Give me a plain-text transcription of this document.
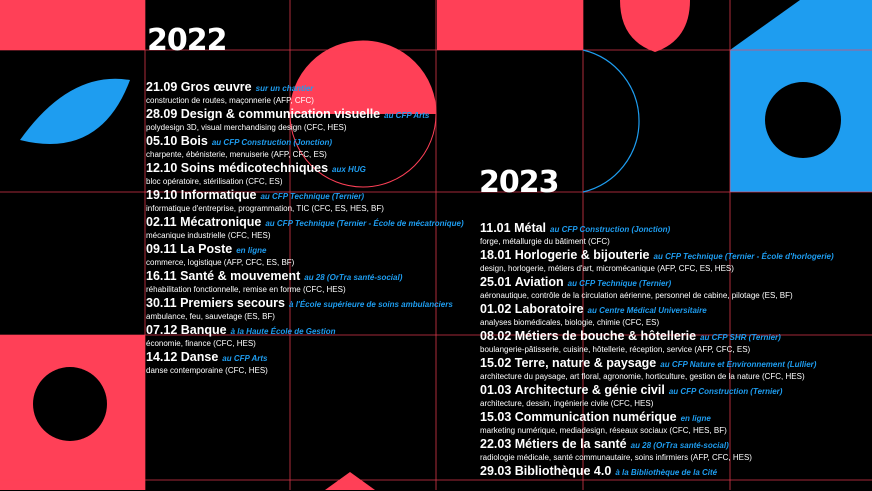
2022
2023
21.09 Gros œuvre sur un chantier
construction de routes, maçonnerie (AFP, CFC)
28.09 Design & communication visuelle au CFP Arts
polydesign 3D, visual merchandising design (CFC, HES)
05.10 Bois au CFP Construction (Jonction)
charpente, ébénisterie, menuiserie (AFP, CFC, ES)
12.10 Soins médicotechniques aux HUG
bloc opératoire, stérilisation (CFC, ES)
19.10 Informatique au CFP Technique (Ternier)
informatique d'entreprise, programmation, TIC (CFC, ES, HES, BF)
02.11 Mécatronique au CFP Technique (Ternier - École de mécatronique)
mécanique industrielle (CFC, HES)
09.11 La Poste en ligne
commerce, logistique (AFP, CFC, ES, BF)
16.11 Santé & mouvement au 28 (OrTra santé-social)
réhabilitation fonctionnelle, remise en forme (CFC, HES)
30.11 Premiers secours à l'École supérieure de soins ambulanciers
ambulance, feu, sauvetage (ES, BF)
07.12 Banque à la Haute École de Gestion
économie, finance (CFC, HES)
14.12 Danse au CFP Arts
danse contemporaine (CFC, HES)
11.01 Métal au CFP Construction (Jonction)
forge, métallurgie du bâtiment (CFC)
18.01 Horlogerie & bijouterie au CFP Technique (Ternier - École d'horlogerie)
design, horlogerie, métiers d'art, micromécanique (AFP, CFC, ES, HES)
25.01 Aviation au CFP Technique (Ternier)
aéronautique, contrôle de la circulation aérienne, personnel de cabine, pilotage (ES, BF)
01.02 Laboratoire au Centre Médical Universitaire
analyses biomédicales, biologie, chimie (CFC, ES)
08.02 Métiers de bouche & hôtellerie au CFP SHR (Ternier)
boulangerie-pâtisserie, cuisine, hôtellerie, réception, service (AFP, CFC, ES)
15.02 Terre, nature & paysage au CFP Nature et Environnement (Lullier)
architecture du paysage, art floral, agronomie, horticulture, gestion de la nature (CFC, HES)
01.03 Architecture & génie civil au CFP Construction (Ternier)
architecture, dessin, ingénierie civile (CFC, HES)
15.03 Communication numérique en ligne
marketing numérique, mediadesign, réseaux sociaux (CFC, HES, BF)
22.03 Métiers de la santé au 28 (OrTra santé-social)
radiologie médicale, santé communautaire, soins infirmiers (AFP, CFC, HES)
29.03 Bibliothèque 4.0 à la Bibliothèque de la Cité
